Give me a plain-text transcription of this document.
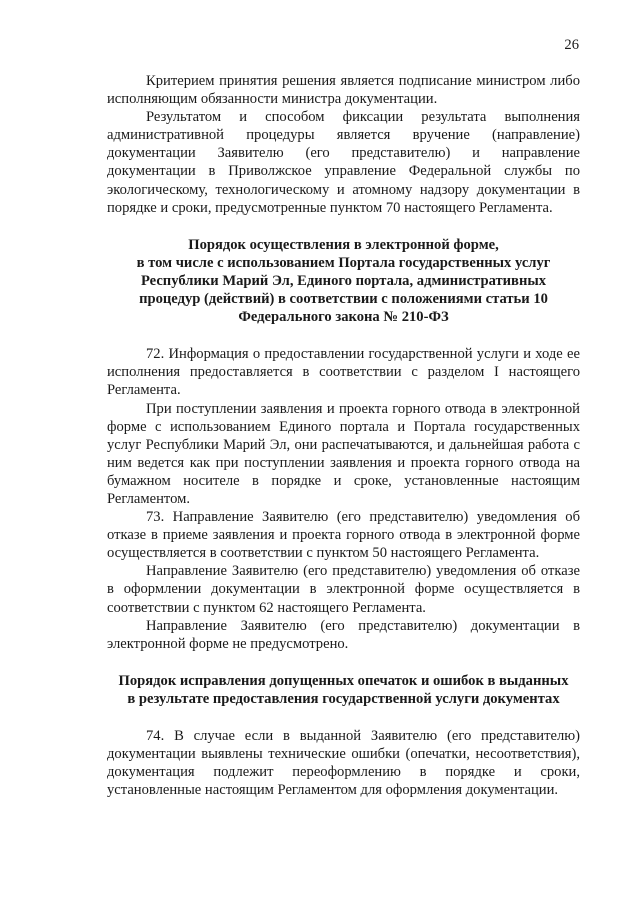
26

Критерием принятия решения является подписание министром либо исполняющим обязанности министра документации.

Результатом и способом фиксации результата выполнения административной процедуры является вручение (направление) документации Заявителю (его представителю) и направление документации в Приволжское управление Федеральной службы по экологическому, технологическому и атомному надзору документации в порядке и сроки, предусмотренные пунктом 70 настоящего Регламента.

Порядок осуществления в электронной форме,
в том числе с использованием Портала государственных услуг
Республики Марий Эл, Единого портала, административных
процедур (действий) в соответствии с положениями статьи 10
Федерального закона № 210-ФЗ

72. Информация о предоставлении государственной услуги и ходе ее исполнения предоставляется в соответствии с разделом I настоящего Регламента.

При поступлении заявления и проекта горного отвода в электронной форме с использованием Единого портала и Портала государственных услуг Республики Марий Эл, они распечатываются, и дальнейшая работа с ним ведется как при поступлении заявления и проекта горного отвода на бумажном носителе в порядке и сроке, установленные настоящим Регламентом.

73. Направление Заявителю (его представителю) уведомления об отказе в приеме заявления и проекта горного отвода в электронной форме осуществляется в соответствии с пунктом 50 настоящего Регламента.

Направление Заявителю (его представителю) уведомления об отказе в оформлении документации в электронной форме осуществляется в соответствии с пунктом 62 настоящего Регламента.

Направление Заявителю (его представителю) документации в электронной форме не предусмотрено.

Порядок исправления допущенных опечаток и ошибок в выданных
в результате предоставления государственной услуги документах

74. В случае если в выданной Заявителю (его представителю) документации выявлены технические ошибки (опечатки, несоответствия), документация подлежит переоформлению в порядке и сроки, установленные настоящим Регламентом для оформления документации.
